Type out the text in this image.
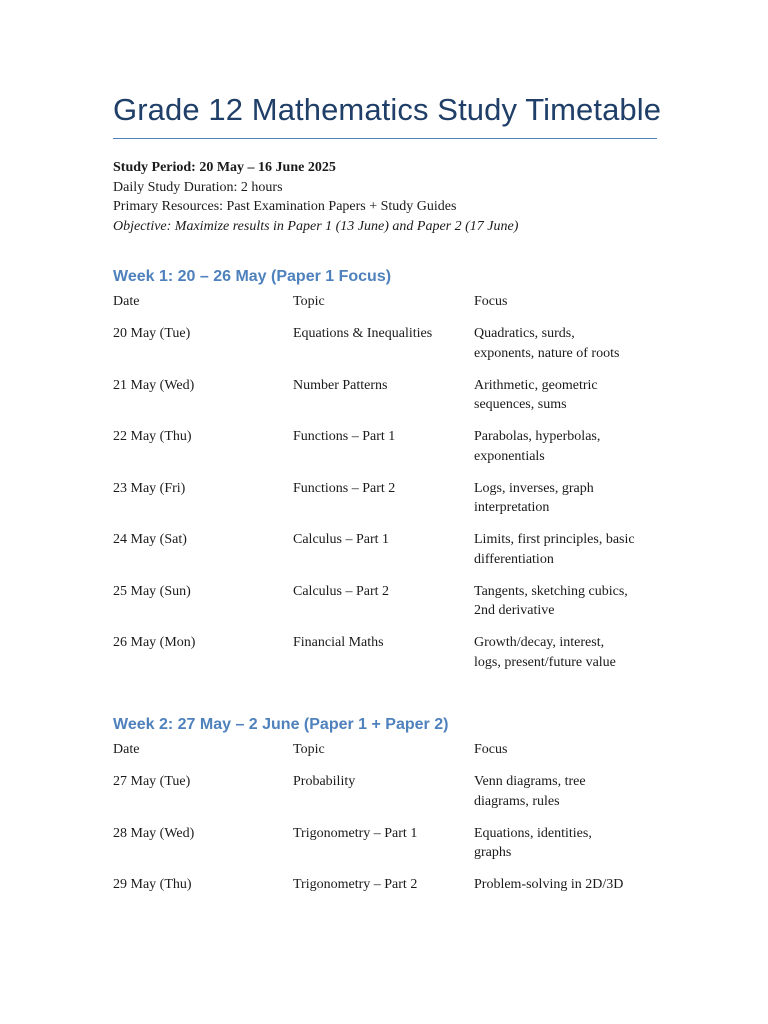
Grade 12 Mathematics Study Timetable
Study Period: 20 May – 16 June 2025
Daily Study Duration: 2 hours
Primary Resources: Past Examination Papers + Study Guides
Objective: Maximize results in Paper 1 (13 June) and Paper 2 (17 June)
Week 1: 20 – 26 May (Paper 1 Focus)
Date	Topic	Focus
20 May (Tue)	Equations & Inequalities	Quadratics, surds,
exponents, nature of roots
21 May (Wed)	Number Patterns	Arithmetic, geometric
sequences, sums
22 May (Thu)	Functions – Part 1	Parabolas, hyperbolas,
exponentials
23 May (Fri)	Functions – Part 2	Logs, inverses, graph
interpretation
24 May (Sat)	Calculus – Part 1	Limits, first principles, basic
differentiation
25 May (Sun)	Calculus – Part 2	Tangents, sketching cubics,
2nd derivative
26 May (Mon)	Financial Maths	Growth/decay, interest,
logs, present/future value
Week 2: 27 May – 2 June (Paper 1 + Paper 2)
Date	Topic	Focus
27 May (Tue)	Probability	Venn diagrams, tree
diagrams, rules
28 May (Wed)	Trigonometry – Part 1	Equations, identities,
graphs
29 May (Thu)	Trigonometry – Part 2	Problem-solving in 2D/3D
